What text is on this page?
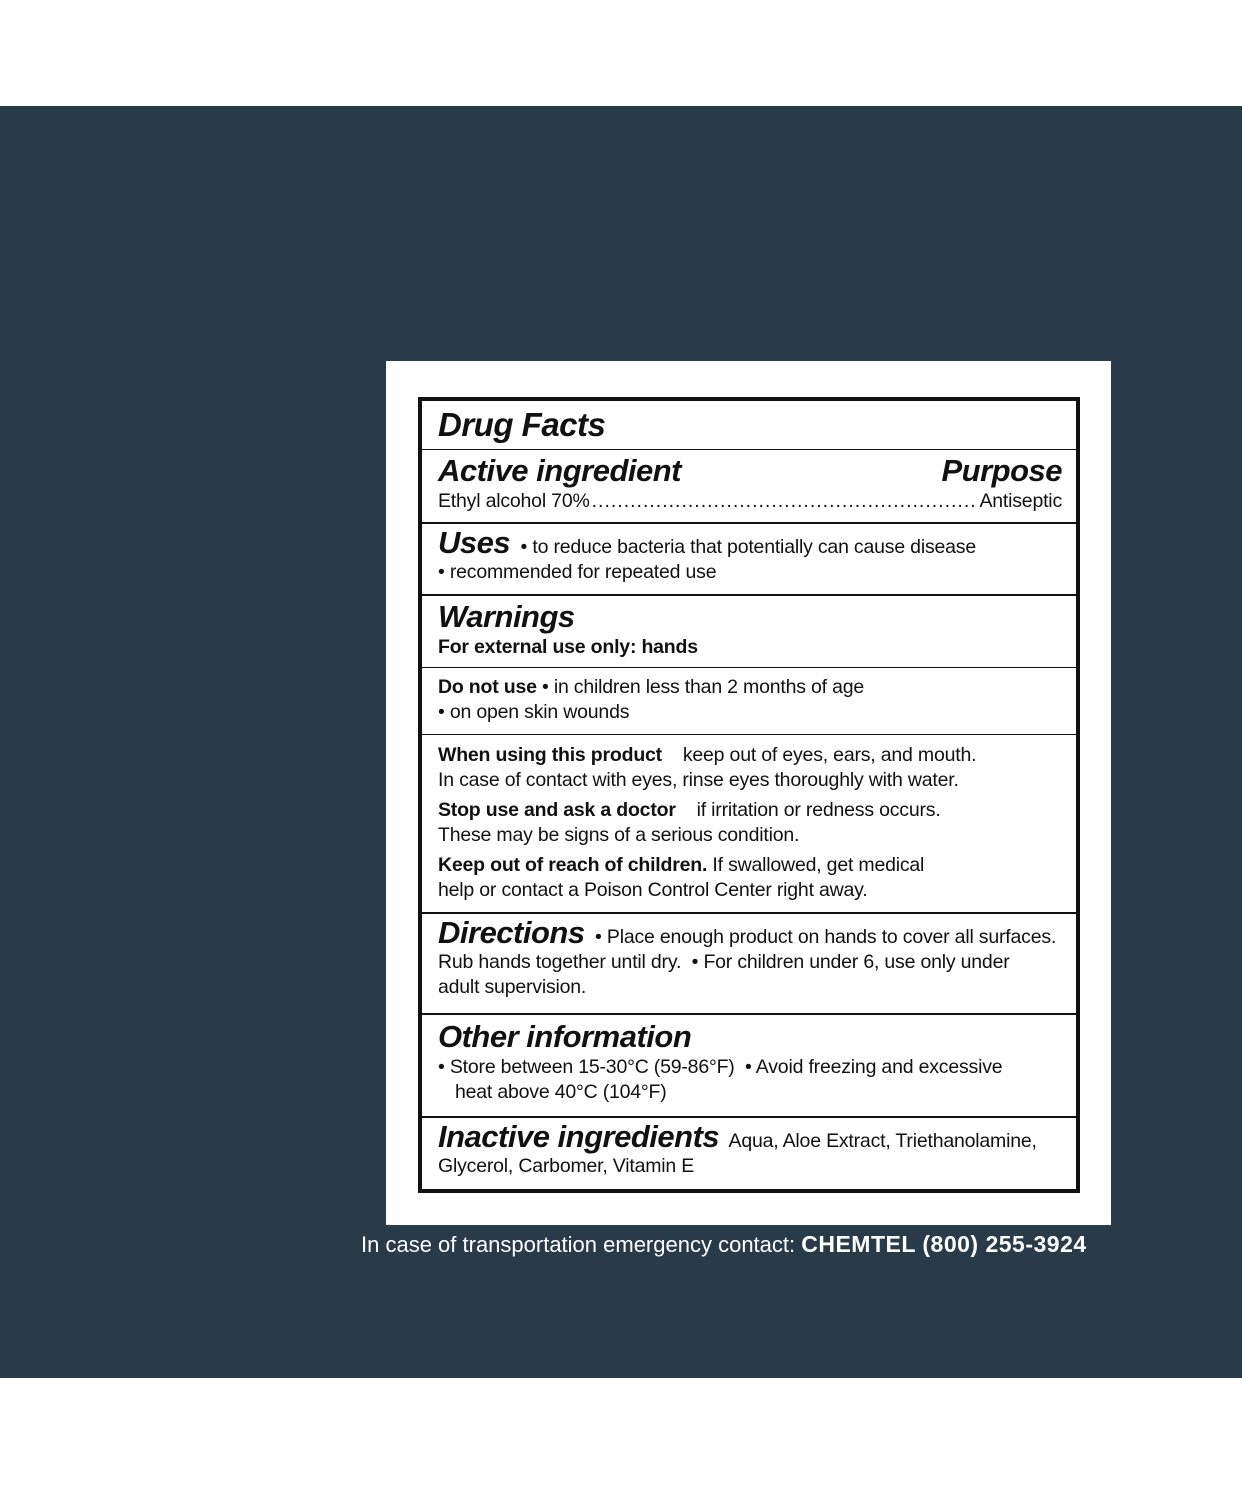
Drug Facts
Active ingredient	Purpose
Ethyl alcohol 70%
.....	Antiseptic
Uses  • to reduce bacteria that potentially can cause disease
• recommended for repeated use
Warnings
For external use only: hands
Do not use • in children less than 2 months of age
• on open skin wounds
When using this product keep out of eyes, ears, and mouth.
In case of contact with eyes, rinse eyes thoroughly with water.
Stop use and ask a doctor if irritation or redness occurs.
These may be signs of a serious condition.
Keep out of reach of children. If swallowed, get medical
help or contact a Poison Control Center right away.
Directions  • Place enough product on hands to cover all surfaces.
Rub hands together until dry.  • For children under 6, use only under
adult supervision.
Other information
• Store between 15-30°C (59-86°F)  • Avoid freezing and excessive
heat above 40°C (104°F)
Inactive ingredients Aqua, Aloe Extract, Triethanolamine,
Glycerol, Carbomer, Vitamin E
In case of transportation emergency contact: CHEMTEL (800) 255-3924
